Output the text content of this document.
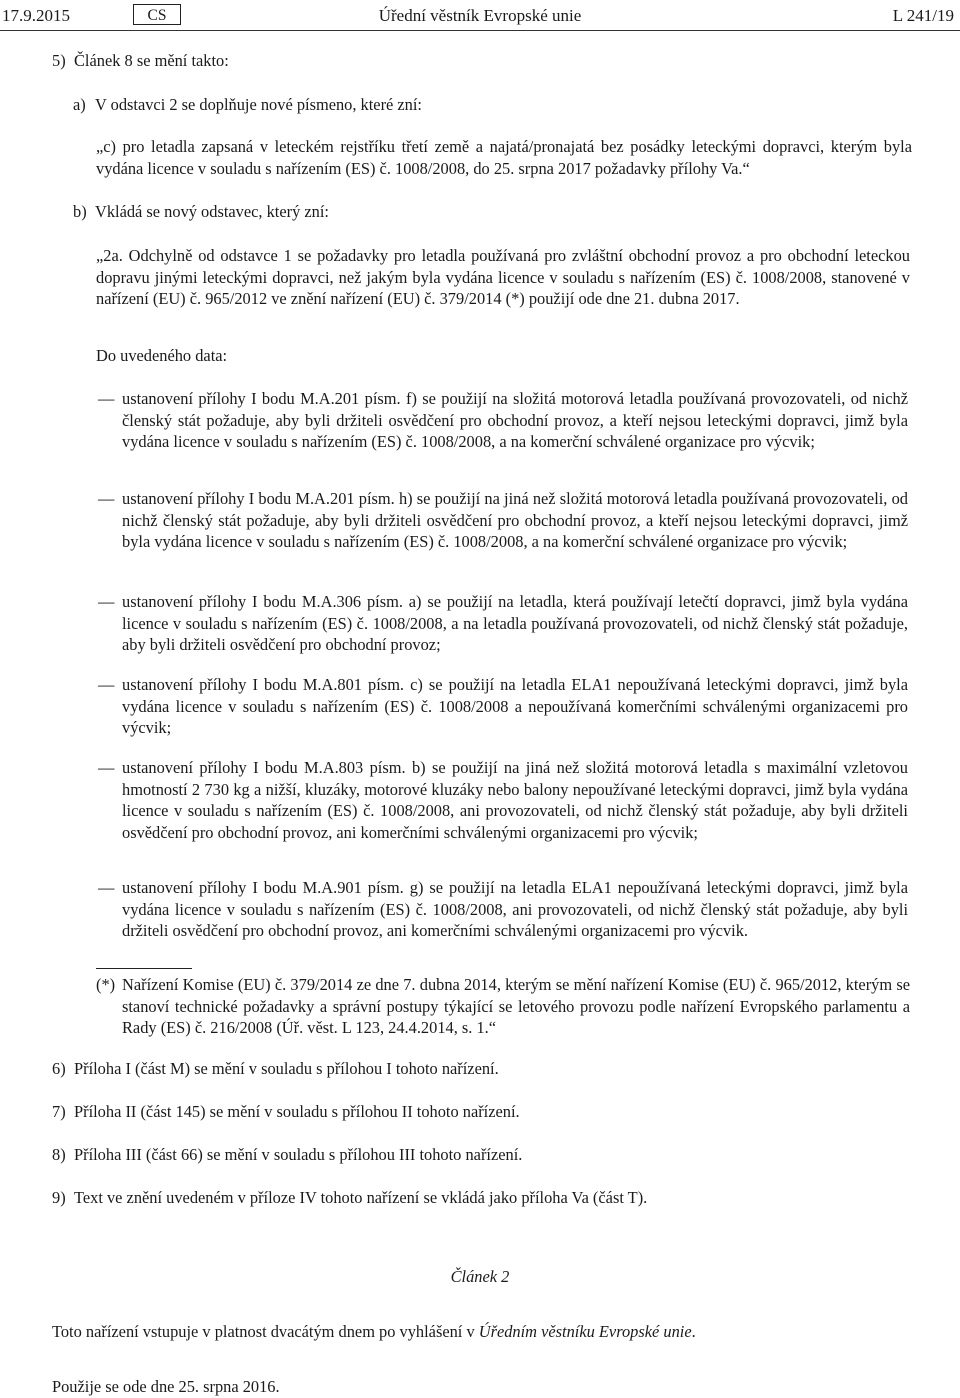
17.9.2015	CS	Úřední věstník Evropské unie	L 241/19
5) Článek 8 se mění takto:
a) V odstavci 2 se doplňuje nové písmeno, které zní:

„c) pro letadla zapsaná v leteckém rejstříku třetí země a najatá/pronajatá bez posádky leteckými dopravci, kterým byla vydána licence v souladu s nařízením (ES) č. 1008/2008, do 25. srpna 2017 požadavky přílohy Va.“

b) Vkládá se nový odstavec, který zní:

„2a. Odchylně od odstavce 1 se požadavky pro letadla používaná pro zvláštní obchodní provoz a pro obchodní leteckou dopravu jinými leteckými dopravci, než jakým byla vydána licence v souladu s nařízením (ES) č. 1008/2008, stanovené v nařízení (EU) č. 965/2012 ve znění nařízení (EU) č. 379/2014 (*) použijí ode dne 21. dubna 2017.

Do uvedeného data:

— ustanovení přílohy I bodu M.A.201 písm. f) se použijí na složitá motorová letadla používaná provozovateli, od nichž členský stát požaduje, aby byli držiteli osvědčení pro obchodní provoz, a kteří nejsou leteckými dopravci, jimž byla vydána licence v souladu s nařízením (ES) č. 1008/2008, a na komerční schválené organizace pro výcvik;

— ustanovení přílohy I bodu M.A.201 písm. h) se použijí na jiná než složitá motorová letadla používaná provozovateli, od nichž členský stát požaduje, aby byli držiteli osvědčení pro obchodní provoz, a kteří nejsou leteckými dopravci, jimž byla vydána licence v souladu s nařízením (ES) č. 1008/2008, a na komerční schválené organizace pro výcvik;

— ustanovení přílohy I bodu M.A.306 písm. a) se použijí na letadla, která používají letečtí dopravci, jimž byla vydána licence v souladu s nařízením (ES) č. 1008/2008, a na letadla používaná provozovateli, od nichž členský stát požaduje, aby byli držiteli osvědčení pro obchodní provoz;

— ustanovení přílohy I bodu M.A.801 písm. c) se použijí na letadla ELA1 nepoužívaná leteckými dopravci, jimž byla vydána licence v souladu s nařízením (ES) č. 1008/2008 a nepoužívaná komerčními schválenými organizacemi pro výcvik;

— ustanovení přílohy I bodu M.A.803 písm. b) se použijí na jiná než složitá motorová letadla s maximální vzletovou hmotností 2 730 kg a nižší, kluzáky, motorové kluzáky nebo balony nepoužívané leteckými dopravci, jimž byla vydána licence v souladu s nařízením (ES) č. 1008/2008, ani provozovateli, od nichž členský stát požaduje, aby byli držiteli osvědčení pro obchodní provoz, ani komerčními schválenými organizacemi pro výcvik;

— ustanovení přílohy I bodu M.A.901 písm. g) se použijí na letadla ELA1 nepoužívaná leteckými dopravci, jimž byla vydána licence v souladu s nařízením (ES) č. 1008/2008, ani provozovateli, od nichž členský stát požaduje, aby byli držiteli osvědčení pro obchodní provoz, ani komerčními schválenými organizacemi pro výcvik.

(*) Nařízení Komise (EU) č. 379/2014 ze dne 7. dubna 2014, kterým se mění nařízení Komise (EU) č. 965/2012, kterým se stanoví technické požadavky a správní postupy týkající se letového provozu podle nařízení Evropského parlamentu a Rady (ES) č. 216/2008 (Úř. věst. L 123, 24.4.2014, s. 1.“

6) Příloha I (část M) se mění v souladu s přílohou I tohoto nařízení.
7) Příloha II (část 145) se mění v souladu s přílohou II tohoto nařízení.
8) Příloha III (část 66) se mění v souladu s přílohou III tohoto nařízení.
9) Text ve znění uvedeném v příloze IV tohoto nařízení se vkládá jako příloha Va (část T).

Článek 2

Toto nařízení vstupuje v platnost dvacátým dnem po vyhlášení v Úředním věstníku Evropské unie.

Použije se ode dne 25. srpna 2016.
